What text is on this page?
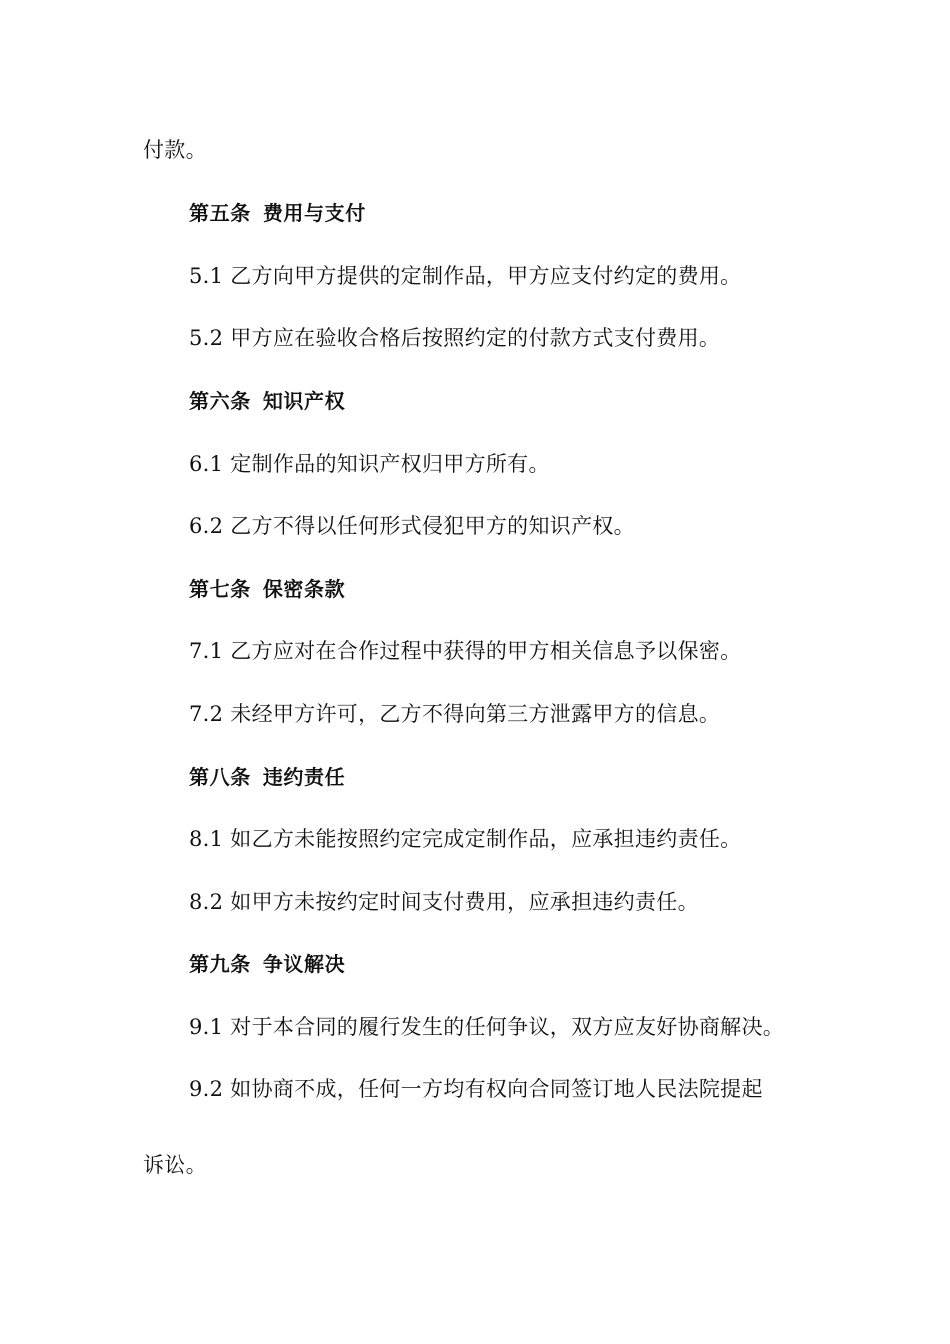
付款。
第五条 费用与支付
5.1 乙方向甲方提供的定制作品，甲方应支付约定的费用。
5.2 甲方应在验收合格后按照约定的付款方式支付费用。
第六条 知识产权
6.1 定制作品的知识产权归甲方所有。
6.2 乙方不得以任何形式侵犯甲方的知识产权。
第七条 保密条款
7.1 乙方应对在合作过程中获得的甲方相关信息予以保密。
7.2 未经甲方许可，乙方不得向第三方泄露甲方的信息。
第八条 违约责任
8.1 如乙方未能按照约定完成定制作品，应承担违约责任。
8.2 如甲方未按约定时间支付费用，应承担违约责任。
第九条 争议解决
9.1 对于本合同的履行发生的任何争议，双方应友好协商解决。
9.2 如协商不成，任何一方均有权向合同签订地人民法院提起
诉讼。
